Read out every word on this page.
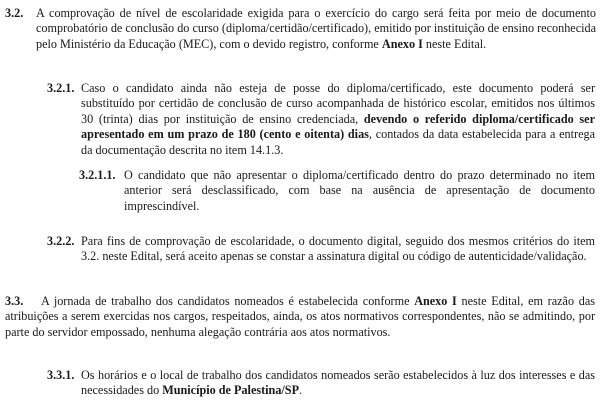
3.2. A comprovação de nível de escolaridade exigida para o exercício do cargo será feita por meio de documento comprobatório de conclusão do curso (diploma/certidão/certificado), emitido por instituição de ensino reconhecida pelo Ministério da Educação (MEC), com o devido registro, conforme Anexo I neste Edital.
3.2.1. Caso o candidato ainda não esteja de posse do diploma/certificado, este documento poderá ser substituído por certidão de conclusão de curso acompanhada de histórico escolar, emitidos nos últimos 30 (trinta) dias por instituição de ensino credenciada, devendo o referido diploma/certificado ser apresentado em um prazo de 180 (cento e oitenta) dias, contados da data estabelecida para a entrega da documentação descrita no item 14.1.3.
3.2.1.1. O candidato que não apresentar o diploma/certificado dentro do prazo determinado no item anterior será desclassificado, com base na ausência de apresentação de documento imprescindível.
3.2.2. Para fins de comprovação de escolaridade, o documento digital, seguido dos mesmos critérios do item 3.2. neste Edital, será aceito apenas se constar a assinatura digital ou código de autenticidade/validação.
3.3.	A jornada de trabalho dos candidatos nomeados é estabelecida conforme Anexo I neste Edital, em razão das atribuições a serem exercidas nos cargos, respeitados, ainda, os atos normativos correspondentes, não se admitindo, por parte do servidor empossado, nenhuma alegação contrária aos atos normativos.
3.3.1. Os horários e o local de trabalho dos candidatos nomeados serão estabelecidos à luz dos interesses e das necessidades do Município de Palestina/SP.
